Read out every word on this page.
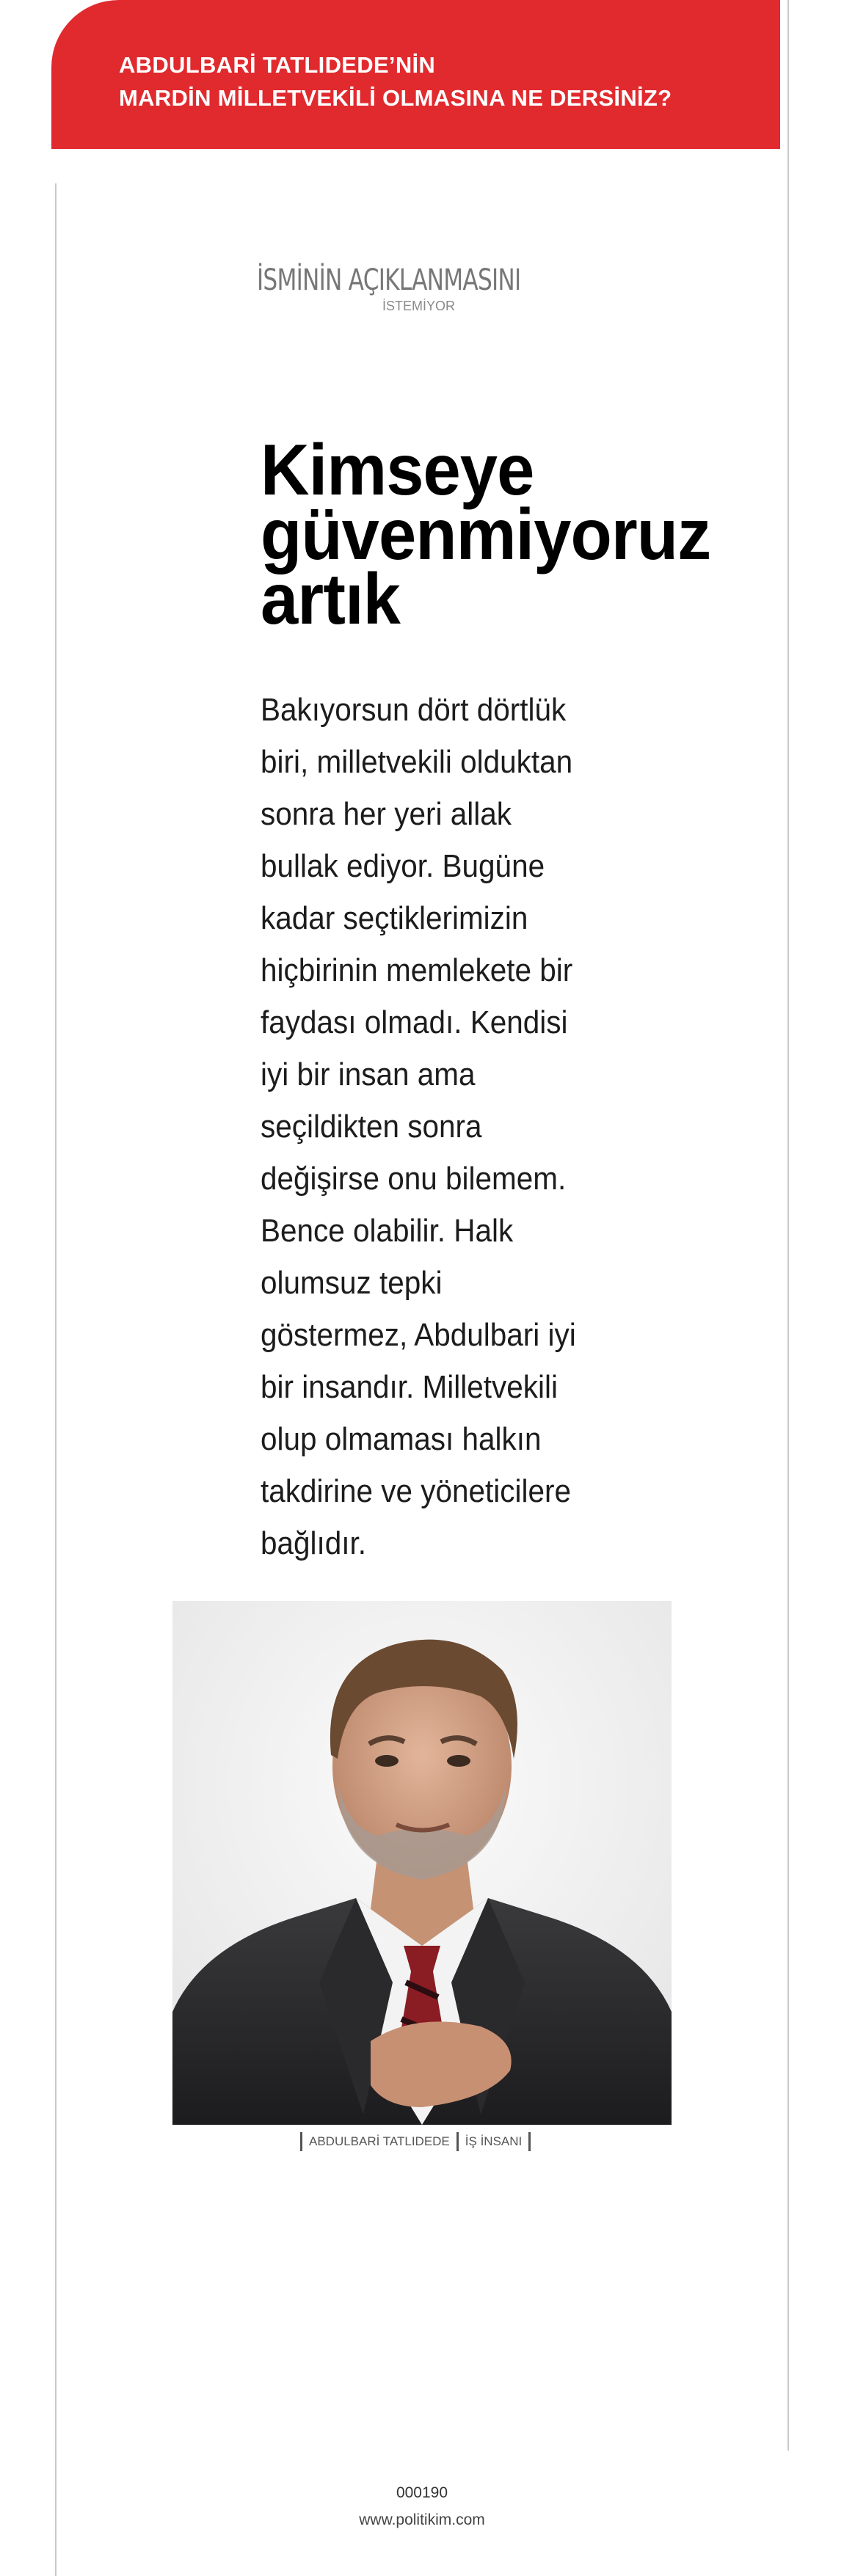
ABDULBARİ TATLIDEDE’NİN
MARDİN MİLLETVEKİLİ OLMASINA NE DERSİNİZ?
İSMİNİN AÇIKLANMASINI
İSTEMİYOR
Kimseye
güvenmiyoruz
artık

Bakıyorsun dört dörtlük
biri, milletvekili olduktan
sonra her yeri allak
bullak ediyor. Bugüne
kadar seçtiklerimizin
hiçbirinin memlekete bir
faydası olmadı. Kendisi
iyi bir insan ama
seçildikten sonra
değişirse onu bilemem.
Bence olabilir. Halk
olumsuz tepki
göstermez, Abdulbari iyi
bir insandır. Milletvekili
olup olmaması halkın
takdirine ve yöneticilere
bağlıdır.

ABDULBARİ TATLIDEDE İŞ İNSANI
000190
www.politikim.com
